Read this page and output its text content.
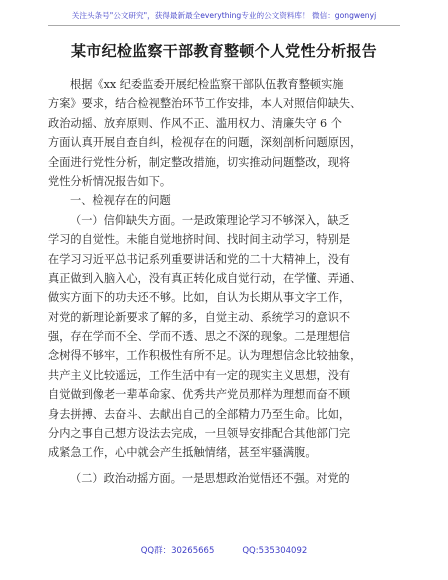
关注头条号"公文研究"，获得最新最全everything专业的公文资料库！ 微信：gongwenyj
某市纪检监察干部教育整顿个人党性分析报告
根据《xx 纪委监委开展纪检监察干部队伍教育整顿实施
方案》要求，结合检视整治环节工作安排，本人对照信仰缺失、
政治动摇、放弃原则、作风不正、滥用权力、清廉失守 6 个
方面认真开展自查自纠，检视存在的问题，深刻剖析问题原因，
全面进行党性分析，制定整改措施，切实推动问题整改，现将
党性分析情况报告如下。
一、检视存在的问题
（一）信仰缺失方面。一是政策理论学习不够深入，缺乏
学习的自觉性。未能自觉地挤时间、找时间主动学习，特别是
在学习习近平总书记系列重要讲话和党的二十大精神上，没有
真正做到入脑入心，没有真正转化成自觉行动，在学懂、弄通、
做实方面下的功夫还不够。比如，自认为长期从事文字工作，
对党的新理论新要求了解的多，自觉主动、系统学习的意识不
强，存在学而不全、学而不透、思之不深的现象。二是理想信
念树得不够牢，工作积极性有所不足。认为理想信念比较抽象，
共产主义比较遥远，工作生活中有一定的现实主义思想，没有
自觉做到像老一辈革命家、优秀共产党员那样为理想而奋不顾
身去拼搏、去奋斗、去献出自己的全部精力乃至生命。比如，
分内之事自己想方设法去完成，一旦领导安排配合其他部门完
成紧急工作，心中就会产生抵触情绪，甚至牢骚满腹。
（二）政治动摇方面。一是思想政治觉悟还不强。对党的
QQ群：30265665	QQ:535304092
